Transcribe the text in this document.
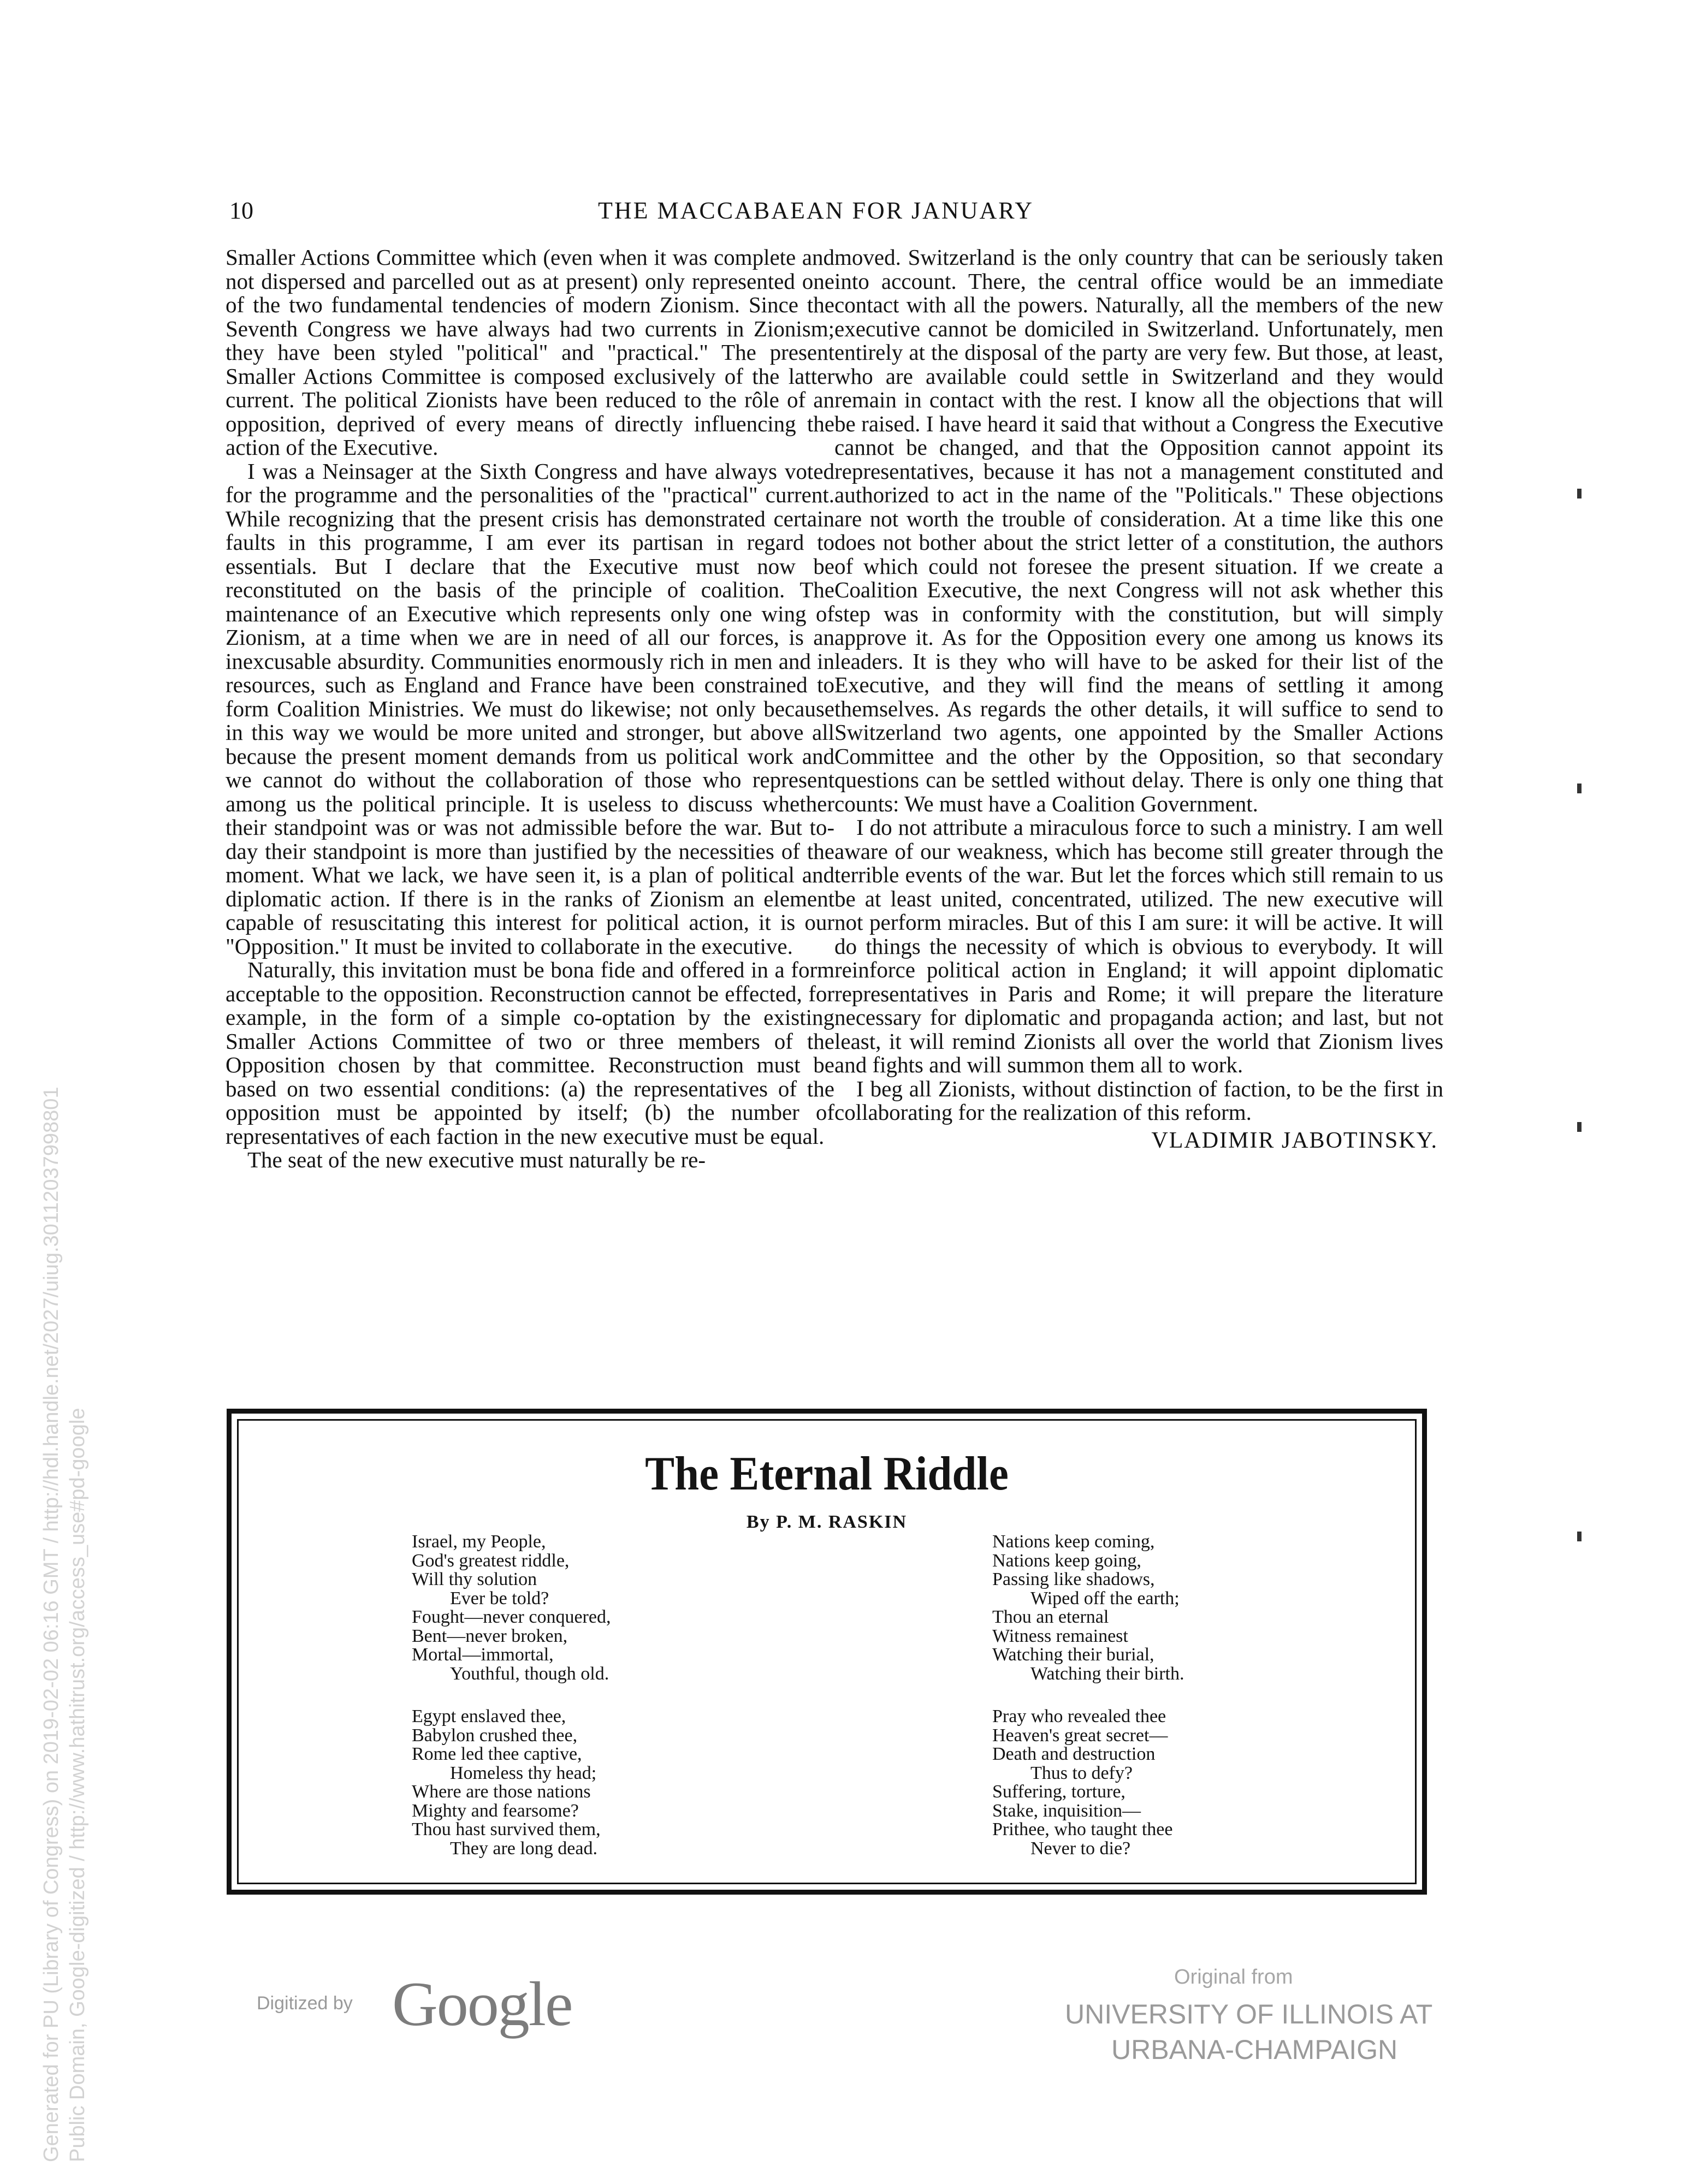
10	THE MACCABAEAN FOR JANUARY

Smaller Actions Committee which (even when it was complete and not dispersed and parcelled out as at present) only represented one of the two fundamental tendencies of modern Zionism. Since the Seventh Congress we have always had two currents in Zionism; they have been styled "political" and "practical." The present Smaller Actions Committee is composed exclusively of the latter current. The political Zionists have been reduced to the rôle of an opposition, deprived of every means of directly influencing the action of the Executive.

I was a Neinsager at the Sixth Congress and have always voted for the programme and the personalities of the "practical" current. While recognizing that the present crisis has demonstrated certain faults in this programme, I am ever its partisan in regard to essentials. But I declare that the Executive must now be reconstituted on the basis of the principle of coalition. The maintenance of an Executive which represents only one wing of Zionism, at a time when we are in need of all our forces, is an inexcusable absurdity. Communities enormously rich in men and in resources, such as England and France have been constrained to form Coalition Ministries. We must do likewise; not only because in this way we would be more united and stronger, but above all because the present moment demands from us political work and we cannot do without the collaboration of those who represent among us the political principle. It is useless to discuss whether their standpoint was or was not admissible before the war. But to-day their standpoint is more than justified by the necessities of the moment. What we lack, we have seen it, is a plan of political and diplomatic action. If there is in the ranks of Zionism an element capable of resuscitating this interest for political action, it is our "Opposition." It must be invited to collaborate in the executive.

Naturally, this invitation must be bona fide and offered in a form acceptable to the opposition. Reconstruction cannot be effected, for example, in the form of a simple co-optation by the existing Smaller Actions Committee of two or three members of the Opposition chosen by that committee. Reconstruction must be based on two essential conditions: (a) the representatives of the opposition must be appointed by itself; (b) the number of representatives of each faction in the new executive must be equal.

The seat of the new executive must naturally be re-

moved. Switzerland is the only country that can be seriously taken into account. There, the central office would be an immediate contact with all the powers. Naturally, all the members of the new executive cannot be domiciled in Switzerland. Unfortunately, men entirely at the disposal of the party are very few. But those, at least, who are available could settle in Switzerland and they would remain in contact with the rest. I know all the objections that will be raised. I have heard it said that without a Congress the Executive cannot be changed, and that the Opposition cannot appoint its representatives, because it has not a management constituted and authorized to act in the name of the "Politicals." These objections are not worth the trouble of consideration. At a time like this one does not bother about the strict letter of a constitution, the authors of which could not foresee the present situation. If we create a Coalition Executive, the next Congress will not ask whether this step was in conformity with the constitution, but will simply approve it. As for the Opposition every one among us knows its leaders. It is they who will have to be asked for their list of the Executive, and they will find the means of settling it among themselves. As regards the other details, it will suffice to send to Switzerland two agents, one appointed by the Smaller Actions Committee and the other by the Opposition, so that secondary questions can be settled without delay. There is only one thing that counts: We must have a Coalition Government.

I do not attribute a miraculous force to such a ministry. I am well aware of our weakness, which has become still greater through the terrible events of the war. But let the forces which still remain to us be at least united, concentrated, utilized. The new executive will not perform miracles. But of this I am sure: it will be active. It will do things the necessity of which is obvious to everybody. It will reinforce political action in England; it will appoint diplomatic representatives in Paris and Rome; it will prepare the literature necessary for diplomatic and propaganda action; and last, but not least, it will remind Zionists all over the world that Zionism lives and fights and will summon them all to work.

I beg all Zionists, without distinction of faction, to be the first in collaborating for the realization of this reform.

VLADIMIR JABOTINSKY.
The Eternal Riddle
By P. M. RASKIN
Israel, my People,
God's greatest riddle,
Will thy solution
Ever be told?
Fought—never conquered,
Bent—never broken,
Mortal—immortal,
Youthful, though old.
Egypt enslaved thee,
Babylon crushed thee,
Rome led thee captive,
Homeless thy head;
Where are those nations
Mighty and fearsome?
Thou hast survived them,
They are long dead.
Nations keep coming,
Nations keep going,
Passing like shadows,
Wiped off the earth;
Thou an eternal
Witness remainest
Watching their burial,
Watching their birth.
Pray who revealed thee
Heaven's great secret—
Death and destruction
Thus to defy?
Suffering, torture,
Stake, inquisition—
Prithee, who taught thee
Never to die?
Digitized by Google	Original from
UNIVERSITY OF ILLINOIS AT
URBANA-CHAMPAIGN
Generated for PU (Library of Congress) on 2019-02-02 06:16 GMT / http://hdl.handle.net/2027/uiug.30112037998801 Public Domain, Google-digitized / http://www.hathitrust.org/access_use#pd-google
